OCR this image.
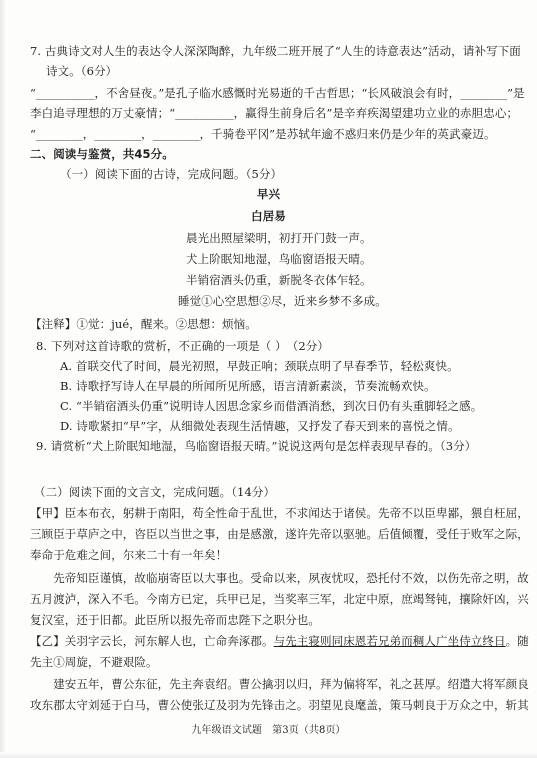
7. 古典诗文对人生的表达令人深深陶醉，九年级二班开展了“人生的诗意表达”活动，请补写下面
诗文。（6分）
“__________，不舍昼夜。”是孔子临水感慨时光易逝的千古哲思；“长风破浪会有时，________”是
李白追寻理想的万丈豪情；“__________，赢得生前身后名”是辛弃疾渴望建功立业的赤胆忠心；
“________，________，________，千骑卷平冈”是苏轼年逾不惑归来仍是少年的英武豪迈。
二、阅读与鉴赏，共45分。
（一）阅读下面的古诗，完成问题。（5分）
早兴
白居易
晨光出照屋梁明，初打开门鼓一声。
犬上阶眠知地湿，鸟临窗语报天晴。
半销宿酒头仍重，新脱冬衣体乍轻。
睡觉①心空思想②尽，近来乡梦不多成。
【注释】①觉：jué，醒来。②思想：烦恼。
8. 下列对这首诗歌的赏析，不正确的一项是（ ）　（2分）
A. 首联交代了时间，晨光初照，早鼓正响；颈联点明了早春季节，轻松爽快。
B. 诗歌抒写诗人在早晨的所闻所见所感，语言清新素淡，节奏流畅欢快。
C. “半销宿酒头仍重”说明诗人因思念家乡而借酒消愁，到次日仍有头重脚轻之感。
D. 诗歌紧扣“早”字，从细微处表现生活情趣，又抒发了春天到来的喜悦之情。
9. 请赏析“犬上阶眠知地湿，鸟临窗语报天晴。”说说这两句是怎样表现早春的。（3分）
（二）阅读下面的文言文，完成问题。（14分）
【甲】臣本布衣，躬耕于南阳，苟全性命于乱世，不求闻达于诸侯。先帝不以臣卑鄙，猥自枉屈，
三顾臣于草庐之中，咨臣以当世之事，由是感激，遂许先帝以驱驰。后值倾覆，受任于败军之际，
奉命于危难之间，尔来二十有一年矣！
　　先帝知臣谨慎，故临崩寄臣以大事也。受命以来，夙夜忧叹，恐托付不效，以伤先帝之明，故
五月渡泸，深入不毛。今南方已定，兵甲已足，当奖率三军，北定中原，庶竭驽钝，攘除奸凶，兴
复汉室，还于旧都。此臣所以报先帝而忠陛下之职分也。
【乙】关羽字云长，河东解人也，亡命奔涿郡。与先主寝则同床恩若兄弟而稠人广坐侍立终日。随
先主①周旋，不避艰险。
　　建安五年，曹公东征，先主奔袁绍。曹公擒羽以归，拜为偏将军，礼之甚厚。绍遣大将军颜良
攻东郡太守刘延于白马，曹公使张辽及羽为先锋击之。羽望见良麾盖，策马刺良于万众之中，斩其
九年级语文试题　第3页（共8页）
